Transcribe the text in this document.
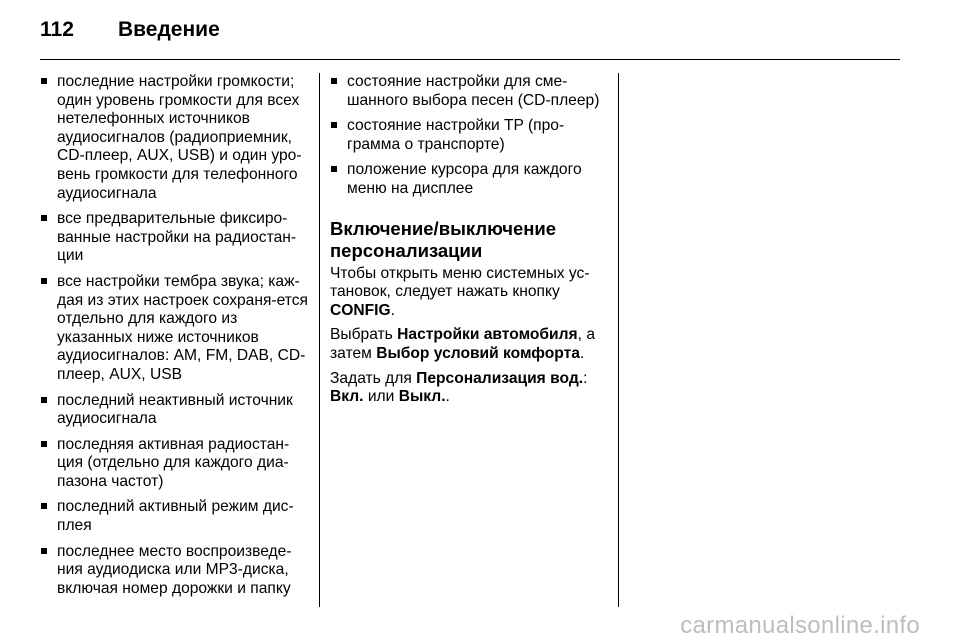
112	Введение
последние настройки громкости; один уровень громкости для всех нетелефонных источников аудиосигналов (радиоприемник, CD-плеер, AUX, USB) и один уро-вень громкости для телефонного аудиосигнала
все предварительные фиксиро-ванные настройки на радиостан-ции
все настройки тембра звука; каж-дая из этих настроек сохраня-ется отдельно для каждого из указанных ниже источников аудиосигналов: AM, FM, DAB, CD-плеер, AUX, USB
последний неактивный источник аудиосигнала
последняя активная радиостан-ция (отдельно для каждого диа-пазона частот)
последний активный режим дис-плея
последнее место воспроизведе-ния аудиодиска или MP3-диска, включая номер дорожки и папку
состояние настройки для сме-шанного выбора песен (CD-плеер)
состояние настройки TP (про-грамма о транспорте)
положение курсора для каждого меню на дисплее
Включение/выключение персонализации

Чтобы открыть меню системных ус-тановок, следует нажать кнопку CONFIG.

Выбрать Настройки автомобиля, а затем Выбор условий комфорта.

Задать для Персонализация вод.: Вкл. или Выкл..

carmanualsonline.info
